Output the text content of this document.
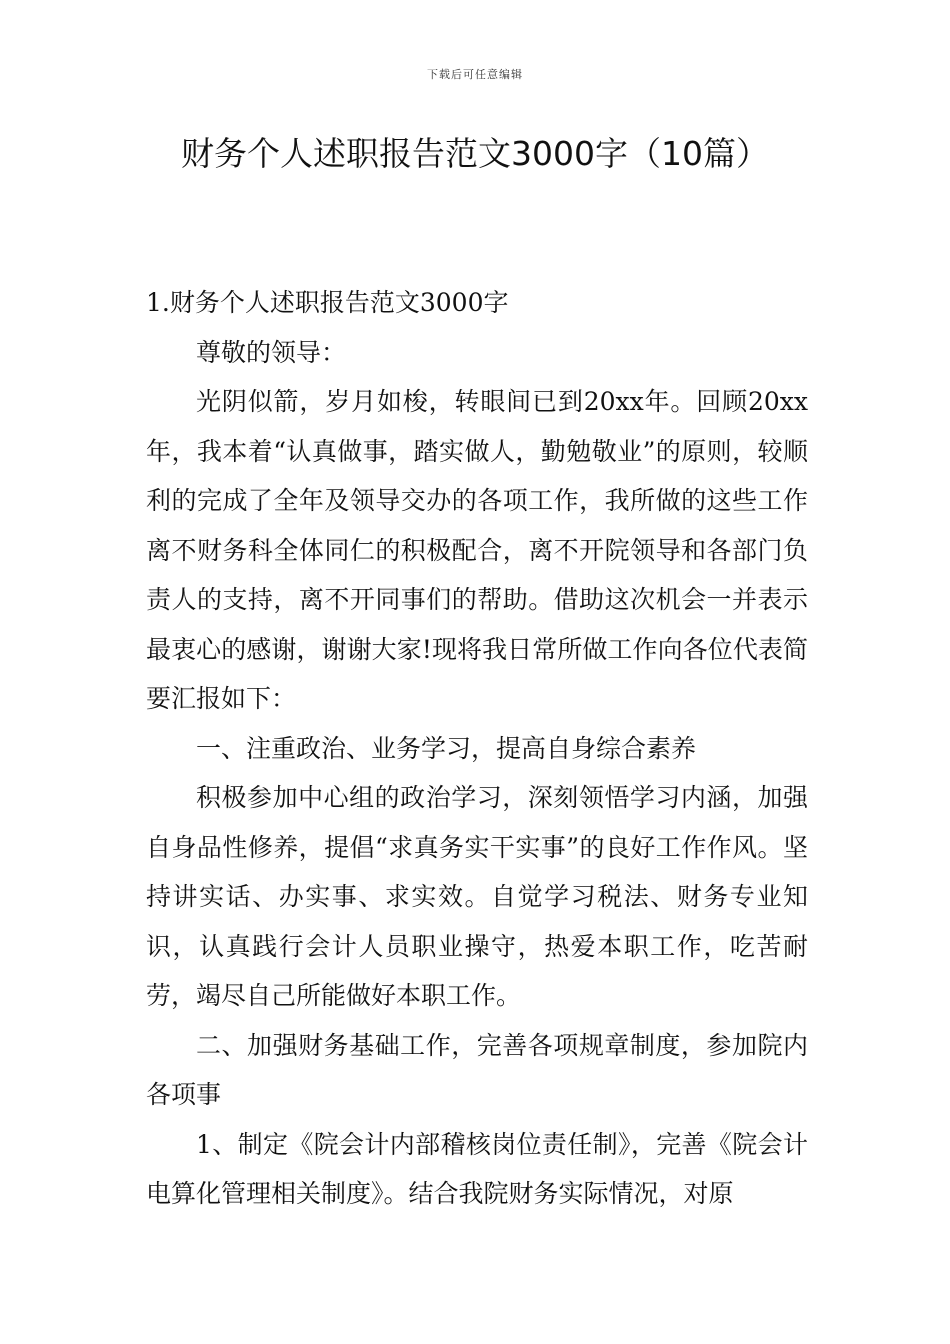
下载后可任意编辑
财务个人述职报告范文3000字（10篇）

1.财务个人述职报告范文3000字

尊敬的领导：

光阴似箭，岁月如梭，转眼间已到20xx年。回顾20xx年，我本着“认真做事，踏实做人，勤勉敬业”的原则，较顺利的完成了全年及领导交办的各项工作，我所做的这些工作离不财务科全体同仁的积极配合，离不开院领导和各部门负责人的支持，离不开同事们的帮助。借助这次机会一并表示最衷心的感谢，谢谢大家!现将我日常所做工作向各位代表简要汇报如下：

一、注重政治、业务学习，提高自身综合素养

积极参加中心组的政治学习，深刻领悟学习内涵，加强自身品性修养，提倡“求真务实干实事”的良好工作作风。坚持讲实话、办实事、求实效。自觉学习税法、财务专业知识，认真践行会计人员职业操守，热爱本职工作，吃苦耐劳，竭尽自己所能做好本职工作。

二、加强财务基础工作，完善各项规章制度，参加院内各项事

1、制定《院会计内部稽核岗位责任制》，完善《院会计电算化管理相关制度》。结合我院财务实际情况，对原
